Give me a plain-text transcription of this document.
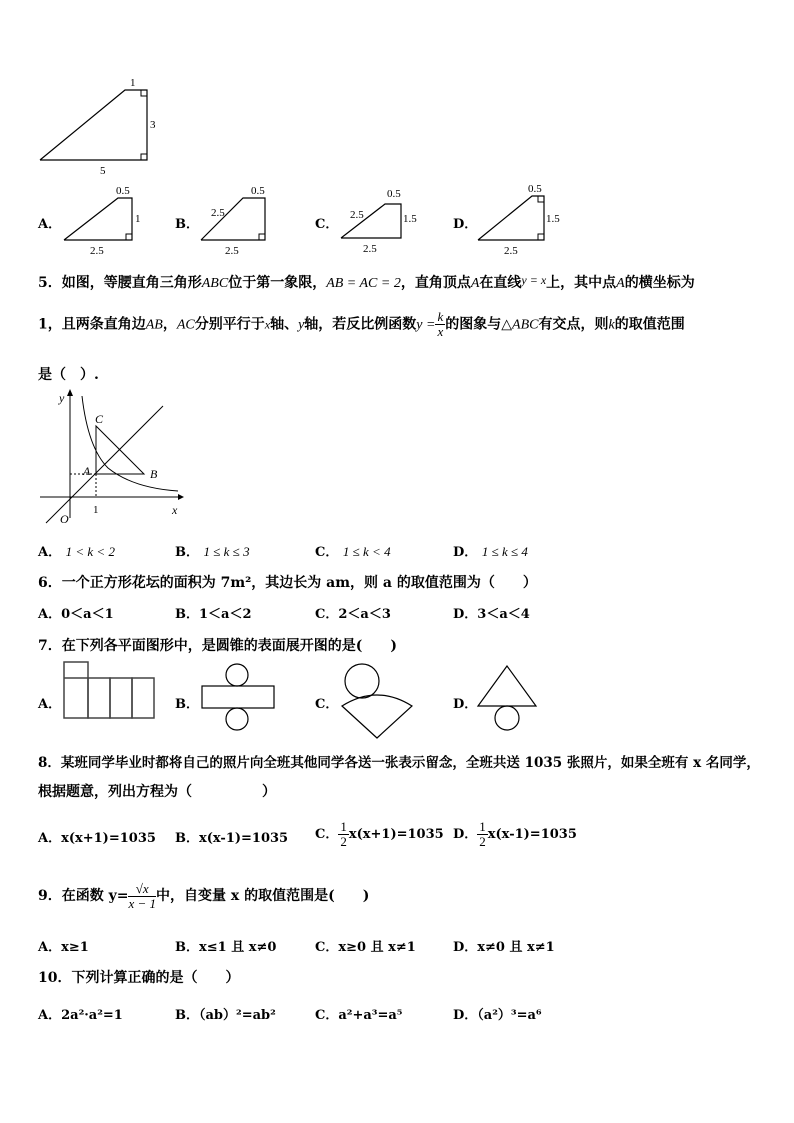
1
3
5
A．
0.5
1
2.5
B．
0.5
2.5
2.5
C．
0.5
1.5
2.5
2.5
D．
0.5
1.5
2.5
5．如图，等腰直角三角形ABC位于第一象限，AB = AC = 2，直角顶点A在直线y = x上，其中点A的横坐标为
1，且两条直角边AB，AC分别平行于x轴、y轴，若反比例函数$y = \frac{k}{x}$ 的图象与△ABC有交点，则k的取值范围
是（　）.
y
x
C
A	B
O
1
A． 1 < k < 2	B． 1 ≤ k ≤ 3	C． 1 ≤ k < 4	D． 1 ≤ k ≤ 4
6．一个正方形花坛的面积为 7m²，其边长为 am，则 a 的取值范围为（　　）
A．0＜a＜1	B．1＜a＜2	C．2＜a＜3	D．3＜a＜4
7．在下列各平面图形中，是圆锥的表面展开图的是(　　)
A．	B．	C．	D．
8．某班同学毕业时都将自己的照片向全班其他同学各送一张表示留念，全班共送 1035 张照片，如果全班有 x 名同学，
根据题意，列出方程为（　　　　　）
A．x(x+1)=1035 B．x(x-1)=1035 C． $\frac{1}{2} x(x+1)=1035$ D． $\frac{1}{2} x(x-1)=1035$
9．在函数 $y= \frac{√x}{x - 1}$ 中，自变量 x 的取值范围是(　　)
A．x≥1	B．x≤1 且 x≠0	C．x≥0 且 x≠1	D．x≠0 且 x≠1
10．下列计算正确的是（　　）
A．2a²·a²=1	B．（ab）²=ab²	C．a²+a³=a⁵	D．（a²）³=a⁶
